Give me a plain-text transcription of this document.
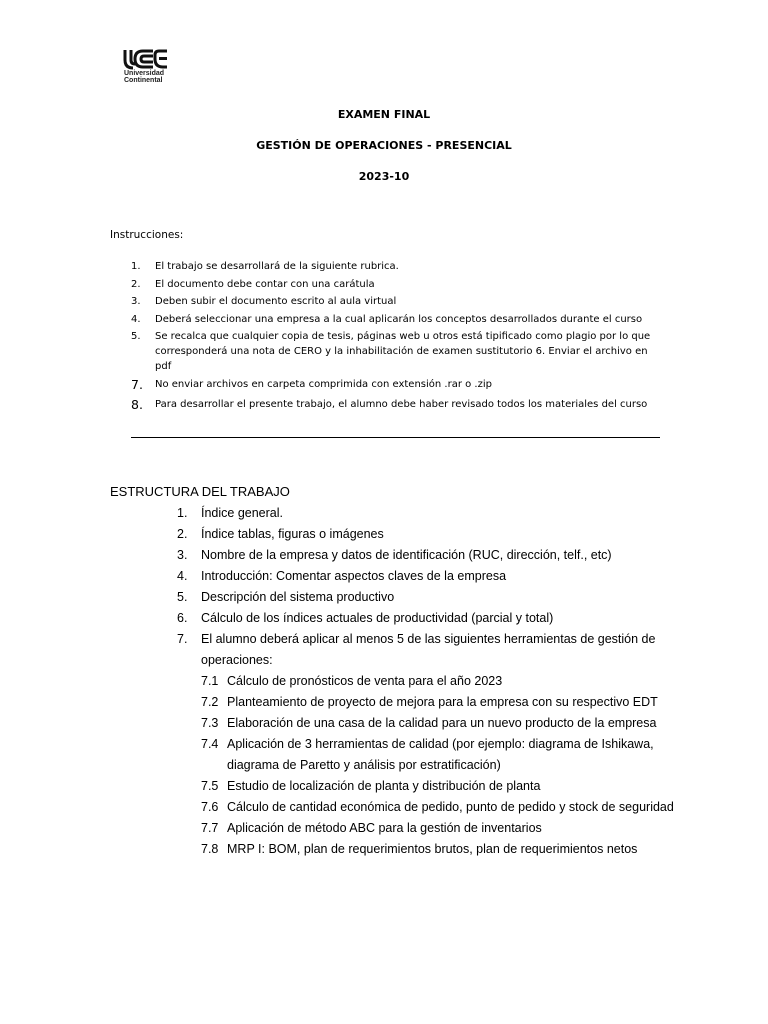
Universidad
Continental
EXAMEN FINAL
GESTIÓN DE OPERACIONES - PRESENCIAL
2023-10
Instrucciones:
1.	El trabajo se desarrollará de la siguiente rubrica.
2.	El documento debe contar con una carátula
3.	Deben subir el documento escrito al aula virtual
4.	Deberá seleccionar una empresa a la cual aplicarán los conceptos desarrollados durante el curso
5.	Se recalca que cualquier copia de tesis, páginas web u otros está tipificado como plagio por lo que corresponderá una nota de CERO y la inhabilitación de examen sustitutorio 6. Enviar el archivo en pdf
7.	No enviar archivos en carpeta comprimida con extensión .rar o .zip
8.	Para desarrollar el presente trabajo, el alumno debe haber revisado todos los materiales del curso
ESTRUCTURA DEL TRABAJO
1.	Índice general.
2.	Índice tablas, figuras o imágenes
3.	Nombre de la empresa y datos de identificación (RUC, dirección, telf., etc)
4.	Introducción: Comentar aspectos claves de la empresa
5.	Descripción del sistema productivo
6.	Cálculo de los índices actuales de productividad (parcial y total)
7.	El alumno deberá aplicar al menos 5 de las siguientes herramientas de gestión de operaciones:
7.1 Cálculo de pronósticos de venta para el año 2023
7.2 Planteamiento de proyecto de mejora para la empresa con su respectivo EDT
7.3 Elaboración de una casa de la calidad para un nuevo producto de la empresa
7.4 Aplicación de 3 herramientas de calidad (por ejemplo: diagrama de Ishikawa, diagrama de Paretto y análisis por estratificación)
7.5 Estudio de localización de planta y distribución de planta
7.6 Cálculo de cantidad económica de pedido, punto de pedido y stock de seguridad
7.7 Aplicación de método ABC para la gestión de inventarios
7.8 MRP I: BOM, plan de requerimientos brutos, plan de requerimientos netos
